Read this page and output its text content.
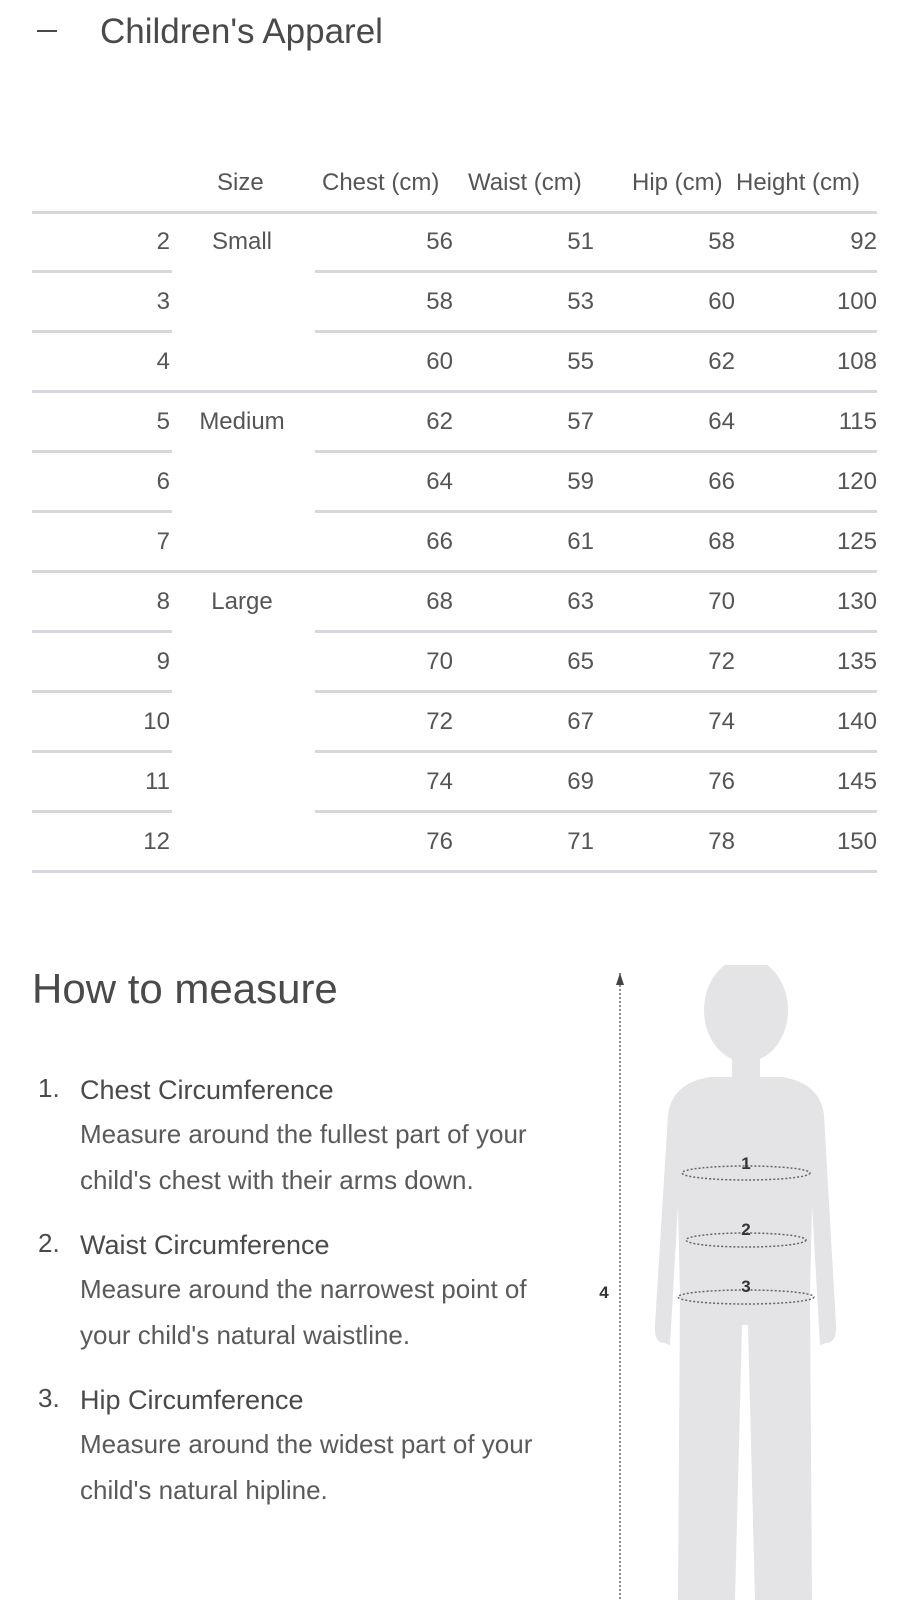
Children's Apparel
Size Chest (cm) Waist (cm) Hip (cm) Height (cm)
2	Small	56	51	58	92
3	58	53	60	100
4	60	55	62	108
5	Medium	62	57	64	115
6	64	59	66	120
7	66	61	68	125
8	Large	68	63	70	130
9	70	65	72	135
10	72	67	74	140
11	74	69	76	145
12	76	71	78	150
How to measure
1. Chest Circumference
Measure around the fullest part of your child's chest with their arms down.
2. Waist Circumference
Measure around the narrowest point of your child's natural waistline.
3. Hip Circumference
Measure around the widest part of your child's natural hipline.
1
2
3
4
